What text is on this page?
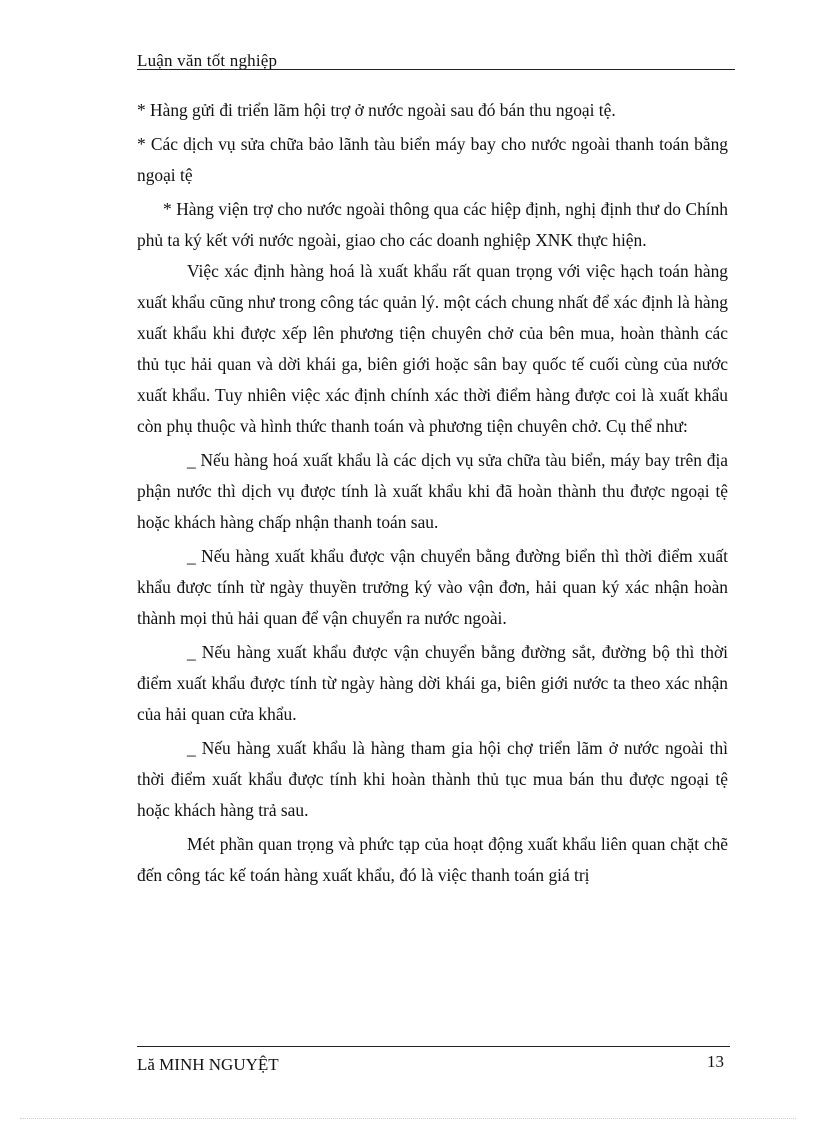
Luận văn tốt nghiệp

* Hàng gửi đi triển lãm hội trợ ở nước ngoài sau đó bán thu ngoại tệ.

* Các dịch vụ sửa chữa bảo lãnh tàu biển máy bay cho nước ngoài thanh toán bằng ngoại tệ

* Hàng viện trợ cho nước ngoài thông qua các hiệp định, nghị định thư do Chính phủ ta ký kết với nước ngoài, giao cho các doanh nghiệp XNK thực hiện.

Việc xác định hàng hoá là xuất khẩu rất quan trọng với việc hạch toán hàng xuất khẩu cũng như trong công tác quản lý. một cách chung nhất để xác định là hàng xuất khẩu khi được xếp lên phương tiện chuyên chở của bên mua, hoàn thành các thủ tục hải quan và dời khái ga, biên giới hoặc sân bay quốc tế cuối cùng của nước xuất khẩu. Tuy nhiên việc xác định chính xác thời điểm hàng được coi là xuất khẩu còn phụ thuộc và hình thức thanh toán và phương tiện chuyên chở. Cụ thể như:

_ Nếu hàng hoá xuất khẩu là các dịch vụ sửa chữa tàu biển, máy bay trên địa phận nước thì dịch vụ được tính là xuất khẩu khi đã hoàn thành thu được ngoại tệ hoặc khách hàng chấp nhận thanh toán sau.

_ Nếu hàng xuất khẩu được vận chuyển bằng đường biển thì thời điểm xuất khẩu được tính từ ngày thuyền trưởng ký vào vận đơn, hải quan ký xác nhận hoàn thành mọi thủ hải quan để vận chuyển ra nước ngoài.

_ Nếu hàng xuất khẩu được vận chuyển bằng đường sắt, đường bộ thì thời điểm xuất khẩu được tính từ ngày hàng dời khái ga, biên giới nước ta theo xác nhận của hải quan cửa khẩu.

_ Nếu hàng xuất khẩu là hàng tham gia hội chợ triển lãm ở nước ngoài thì thời điểm xuất khẩu được tính khi hoàn thành thủ tục mua bán thu được ngoại tệ hoặc khách hàng trả sau.

Mét phần quan trọng và phức tạp của hoạt động xuất khẩu liên quan chặt chẽ đến công tác kế toán hàng xuất khẩu, đó là việc thanh toán giá trị

Lă MINH NGUYỆT	13
